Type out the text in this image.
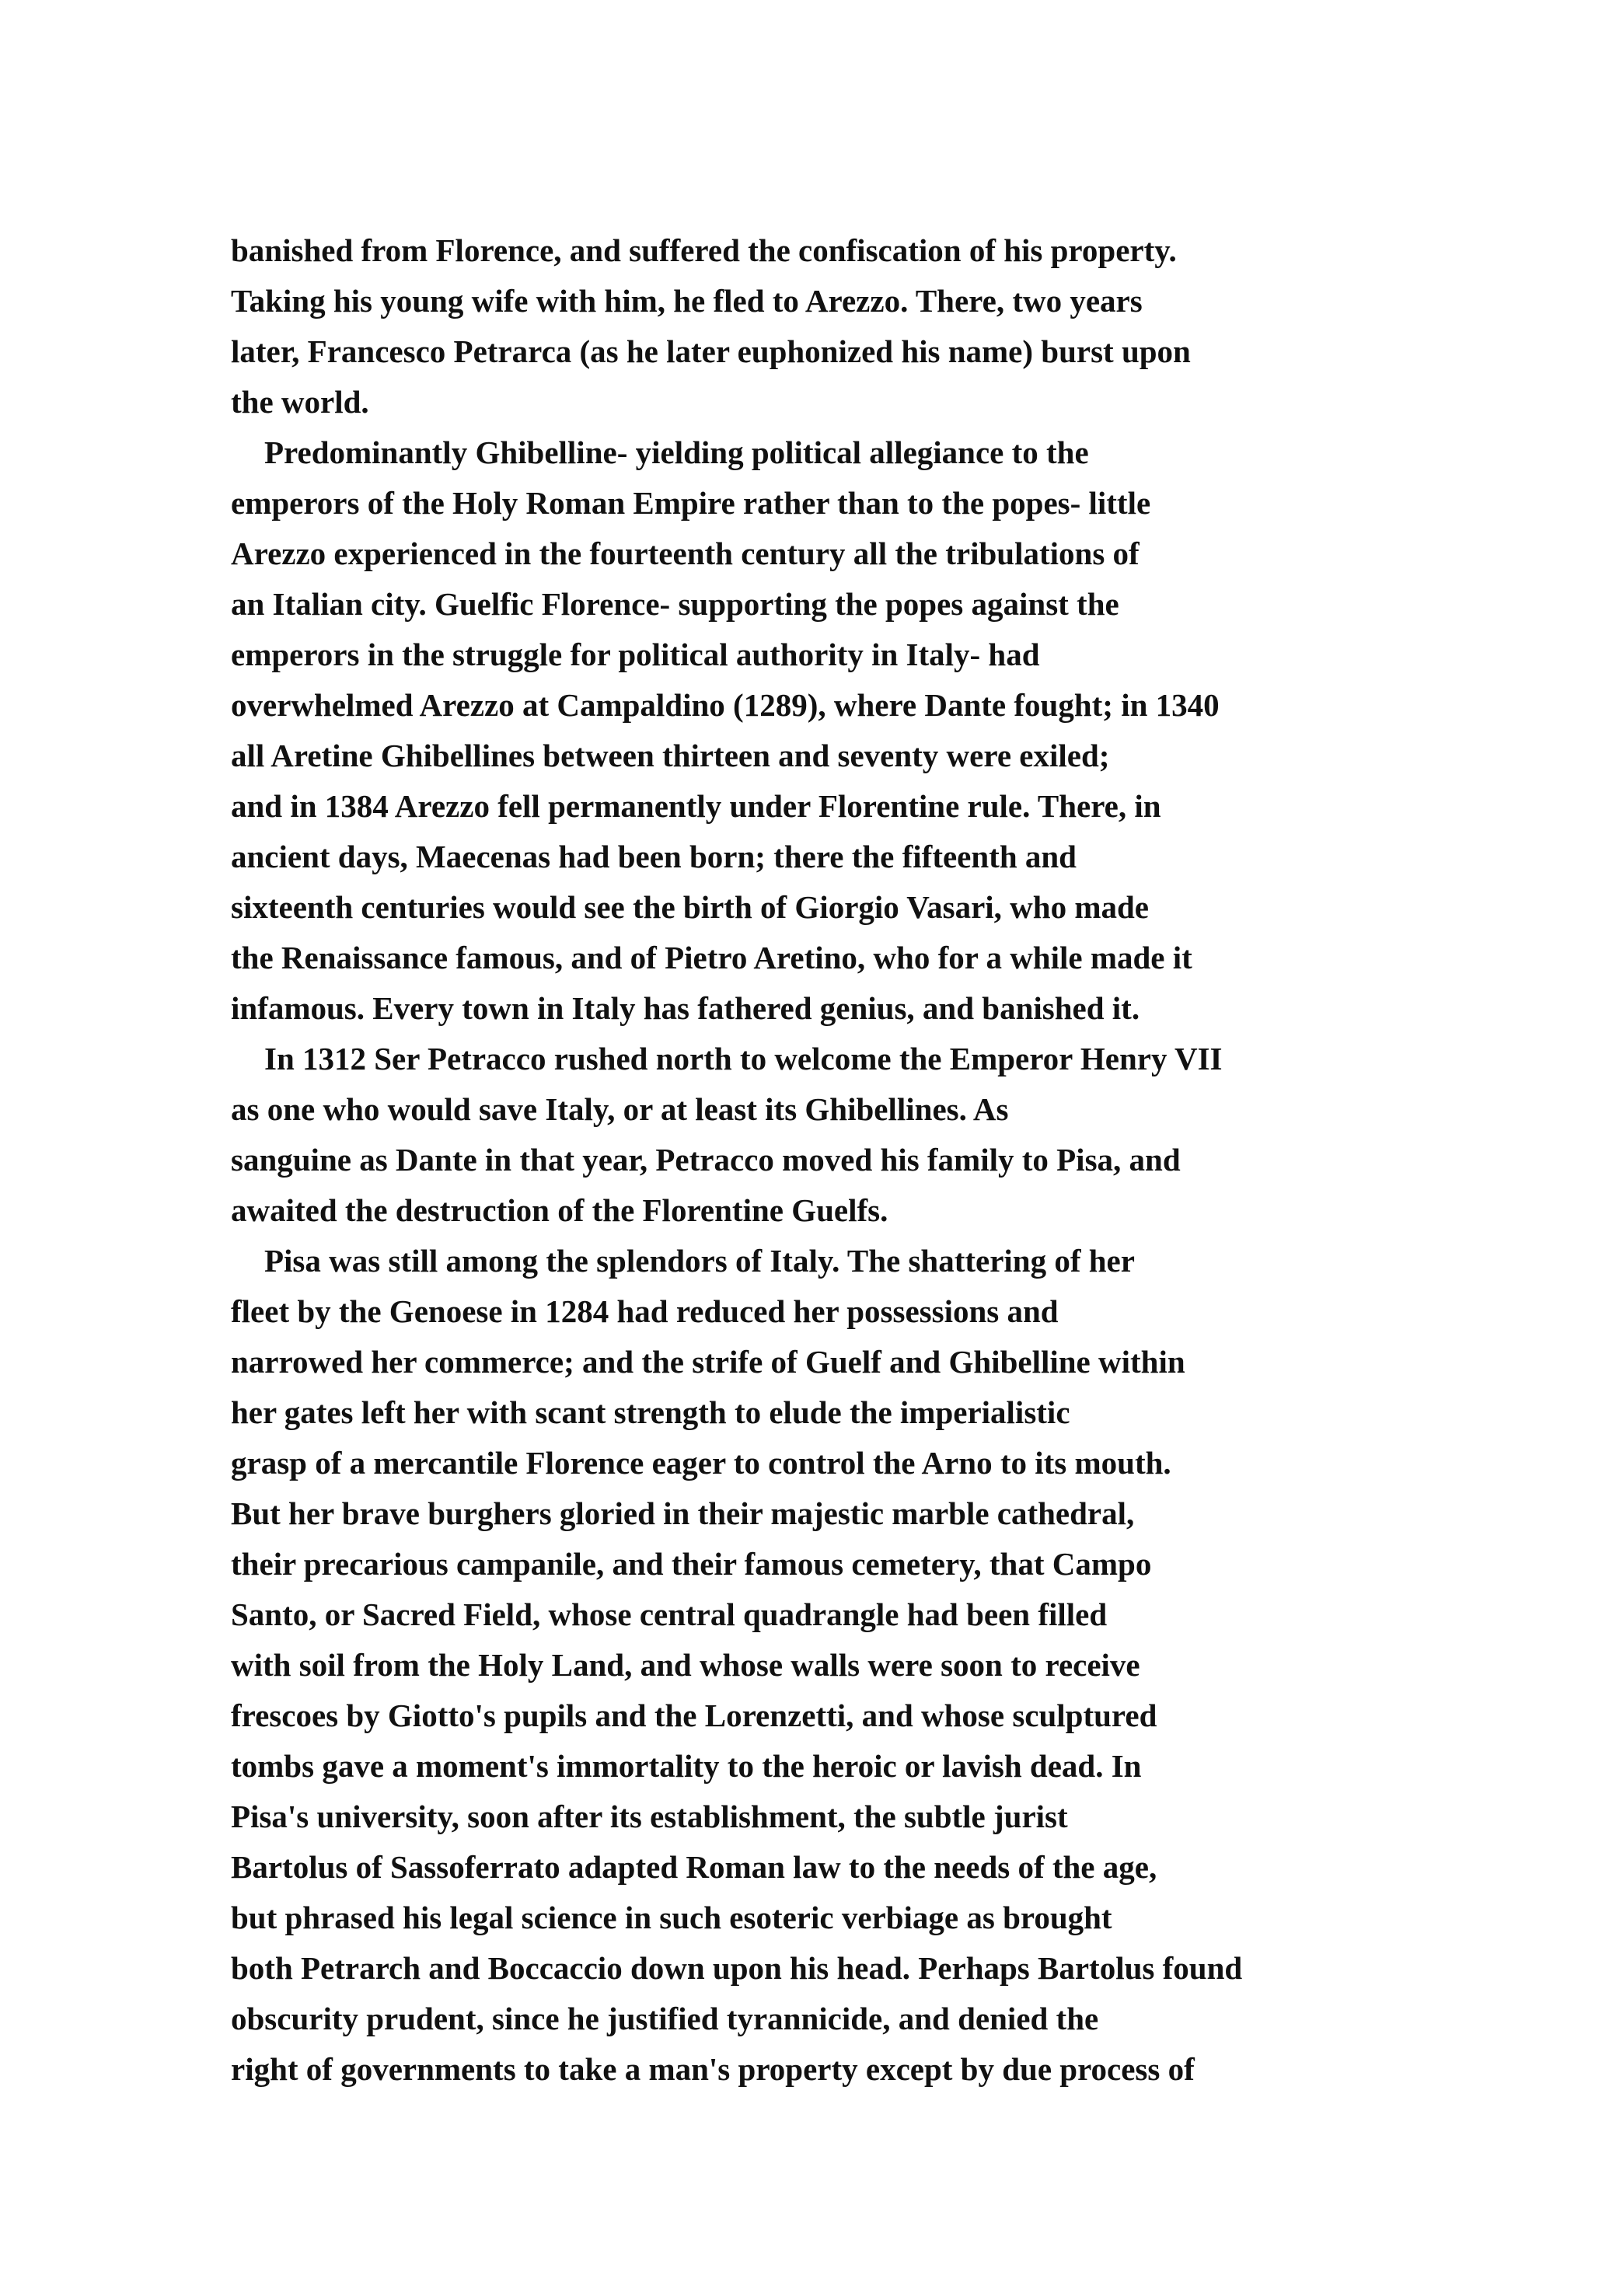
banished from Florence, and suffered the confiscation of his property.
Taking his young wife with him, he fled to Arezzo. There, two years
later, Francesco Petrarca (as he later euphonized his name) burst upon
the world.
Predominantly Ghibelline- yielding political allegiance to the
emperors of the Holy Roman Empire rather than to the popes- little
Arezzo experienced in the fourteenth century all the tribulations of
an Italian city. Guelfic Florence- supporting the popes against the
emperors in the struggle for political authority in Italy- had
overwhelmed Arezzo at Campaldino (1289), where Dante fought; in 1340
all Aretine Ghibellines between thirteen and seventy were exiled;
and in 1384 Arezzo fell permanently under Florentine rule. There, in
ancient days, Maecenas had been born; there the fifteenth and
sixteenth centuries would see the birth of Giorgio Vasari, who made
the Renaissance famous, and of Pietro Aretino, who for a while made it
infamous. Every town in Italy has fathered genius, and banished it.
In 1312 Ser Petracco rushed north to welcome the Emperor Henry VII
as one who would save Italy, or at least its Ghibellines. As
sanguine as Dante in that year, Petracco moved his family to Pisa, and
awaited the destruction of the Florentine Guelfs.
Pisa was still among the splendors of Italy. The shattering of her
fleet by the Genoese in 1284 had reduced her possessions and
narrowed her commerce; and the strife of Guelf and Ghibelline within
her gates left her with scant strength to elude the imperialistic
grasp of a mercantile Florence eager to control the Arno to its mouth.
But her brave burghers gloried in their majestic marble cathedral,
their precarious campanile, and their famous cemetery, that Campo
Santo, or Sacred Field, whose central quadrangle had been filled
with soil from the Holy Land, and whose walls were soon to receive
frescoes by Giotto's pupils and the Lorenzetti, and whose sculptured
tombs gave a moment's immortality to the heroic or lavish dead. In
Pisa's university, soon after its establishment, the subtle jurist
Bartolus of Sassoferrato adapted Roman law to the needs of the age,
but phrased his legal science in such esoteric verbiage as brought
both Petrarch and Boccaccio down upon his head. Perhaps Bartolus found
obscurity prudent, since he justified tyrannicide, and denied the
right of governments to take a man's property except by due process of
